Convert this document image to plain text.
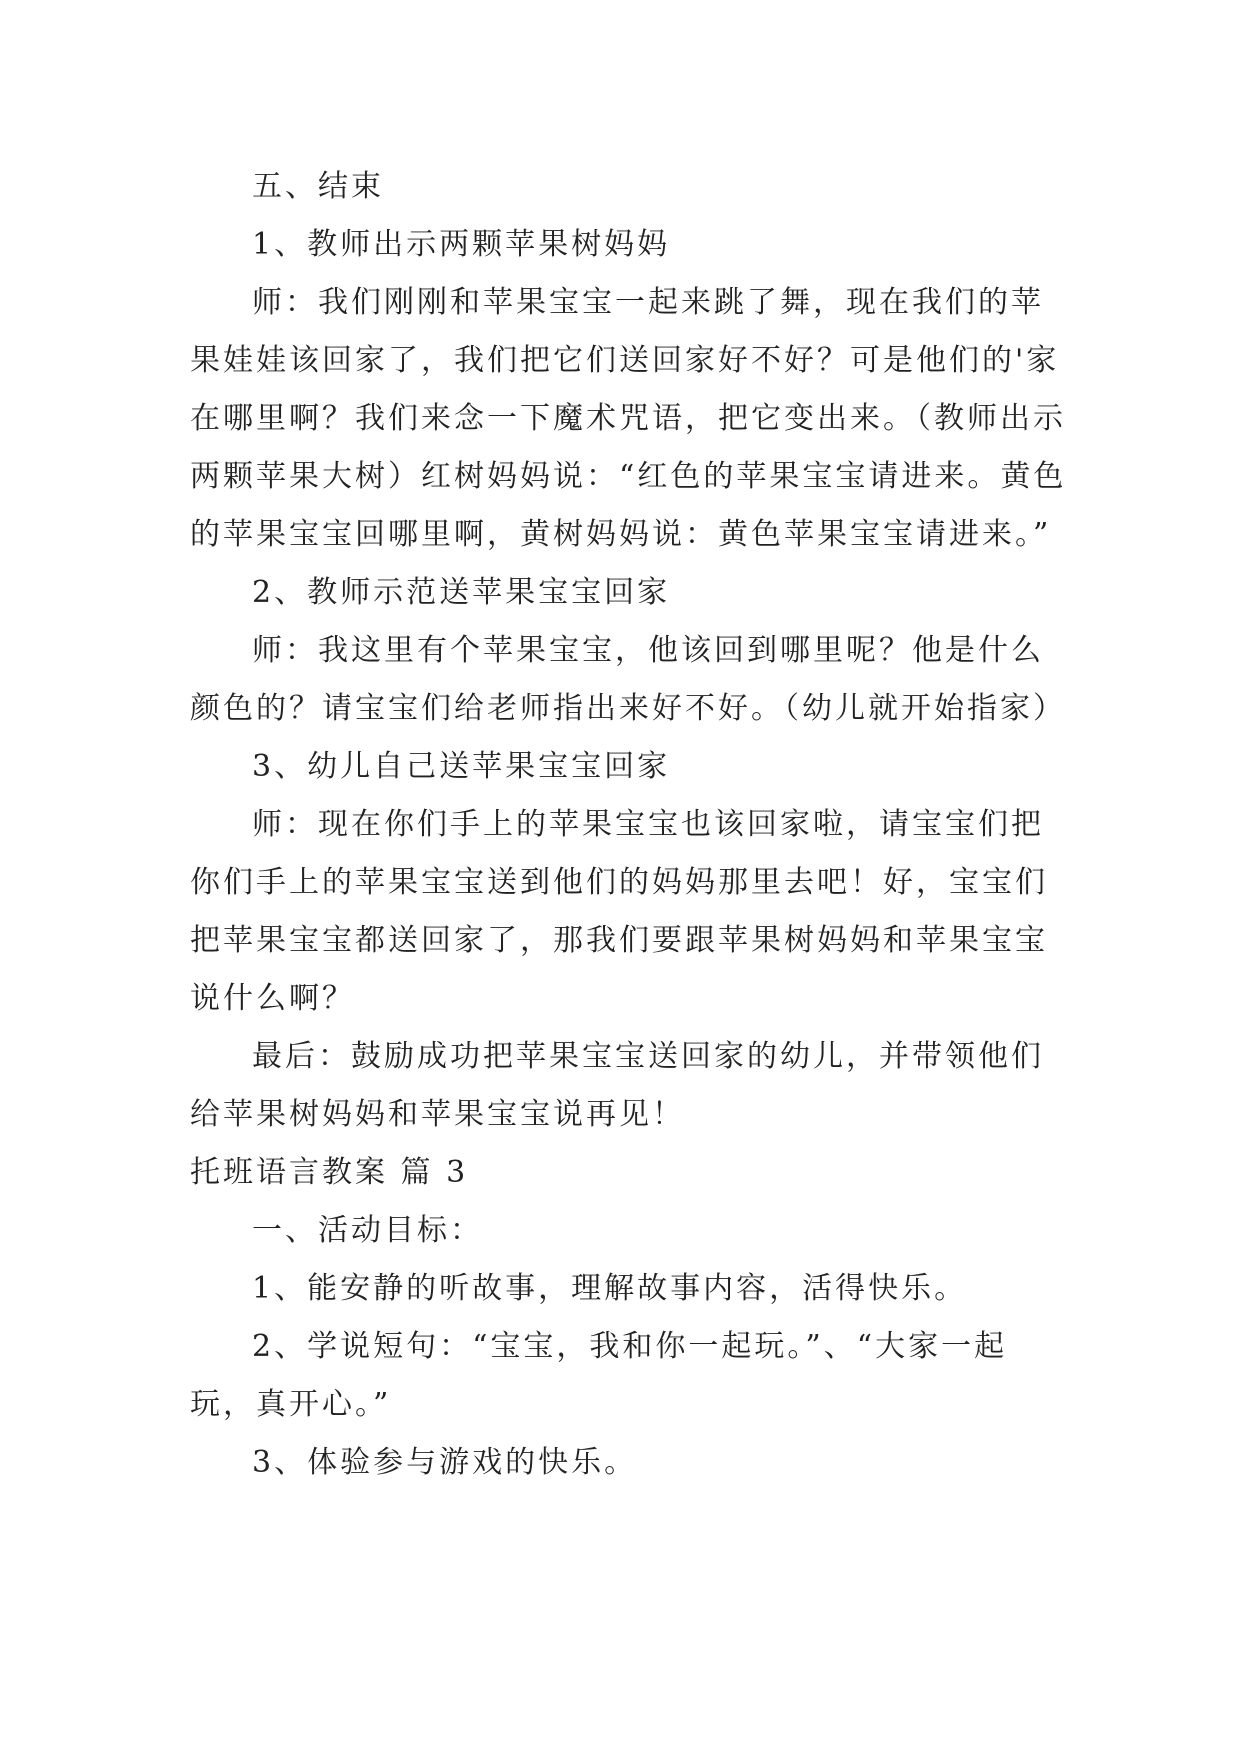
五、结束

1、教师出示两颗苹果树妈妈

师：我们刚刚和苹果宝宝一起来跳了舞，现在我们的苹果娃娃该回家了，我们把它们送回家好不好？可是他们的'家在哪里啊？我们来念一下魔术咒语，把它变出来。（教师出示两颗苹果大树）红树妈妈说：“红色的苹果宝宝请进来。黄色的苹果宝宝回哪里啊，黄树妈妈说：黄色苹果宝宝请进来。”

2、教师示范送苹果宝宝回家

师：我这里有个苹果宝宝，他该回到哪里呢？他是什么颜色的？请宝宝们给老师指出来好不好。（幼儿就开始指家）

3、幼儿自己送苹果宝宝回家

师：现在你们手上的苹果宝宝也该回家啦，请宝宝们把你们手上的苹果宝宝送到他们的妈妈那里去吧！好，宝宝们把苹果宝宝都送回家了，那我们要跟苹果树妈妈和苹果宝宝说什么啊？

最后：鼓励成功把苹果宝宝送回家的幼儿，并带领他们给苹果树妈妈和苹果宝宝说再见！

托班语言教案 篇 3

一、活动目标：

1、能安静的听故事，理解故事内容，活得快乐。

2、学说短句：“宝宝，我和你一起玩。”、“大家一起玩，真开心。”

3、体验参与游戏的快乐。
